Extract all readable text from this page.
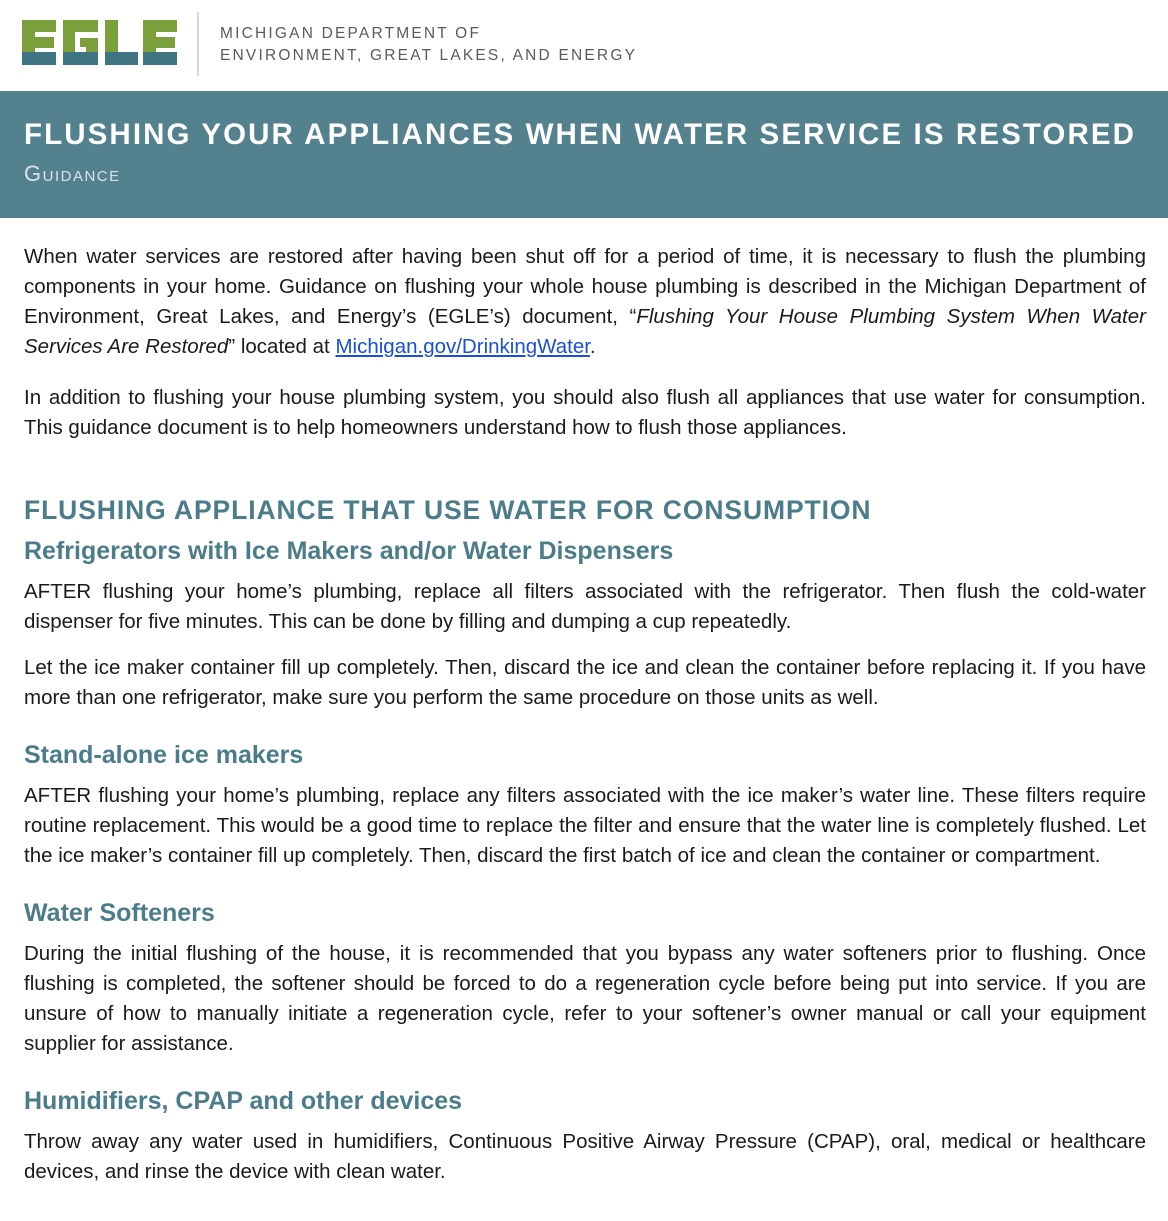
MICHIGAN DEPARTMENT OF
ENVIRONMENT, GREAT LAKES, AND ENERGY
FLUSHING YOUR APPLIANCES WHEN WATER SERVICE IS RESTORED
Guidance

When water services are restored after having been shut off for a period of time, it is necessary to flush the plumbing components in your home. Guidance on flushing your whole house plumbing is described in the Michigan Department of Environment, Great Lakes, and Energy’s (EGLE’s) document, “Flushing Your House Plumbing System When Water Services Are Restored” located at Michigan.gov/DrinkingWater.

In addition to flushing your house plumbing system, you should also flush all appliances that use water for consumption. This guidance document is to help homeowners understand how to flush those appliances.

FLUSHING APPLIANCE THAT USE WATER FOR CONSUMPTION
Refrigerators with Ice Makers and/or Water Dispensers

AFTER flushing your home’s plumbing, replace all filters associated with the refrigerator. Then flush the cold-water dispenser for five minutes. This can be done by filling and dumping a cup repeatedly.

Let the ice maker container fill up completely. Then, discard the ice and clean the container before replacing it. If you have more than one refrigerator, make sure you perform the same procedure on those units as well.

Stand-alone ice makers

AFTER flushing your home’s plumbing, replace any filters associated with the ice maker’s water line. These filters require routine replacement. This would be a good time to replace the filter and ensure that the water line is completely flushed. Let the ice maker’s container fill up completely. Then, discard the first batch of ice and clean the container or compartment.

Water Softeners

During the initial flushing of the house, it is recommended that you bypass any water softeners prior to flushing. Once flushing is completed, the softener should be forced to do a regeneration cycle before being put into service. If you are unsure of how to manually initiate a regeneration cycle, refer to your softener’s owner manual or call your equipment supplier for assistance.

Humidifiers, CPAP and other devices

Throw away any water used in humidifiers, Continuous Positive Airway Pressure (CPAP), oral, medical or healthcare devices, and rinse the device with clean water.
